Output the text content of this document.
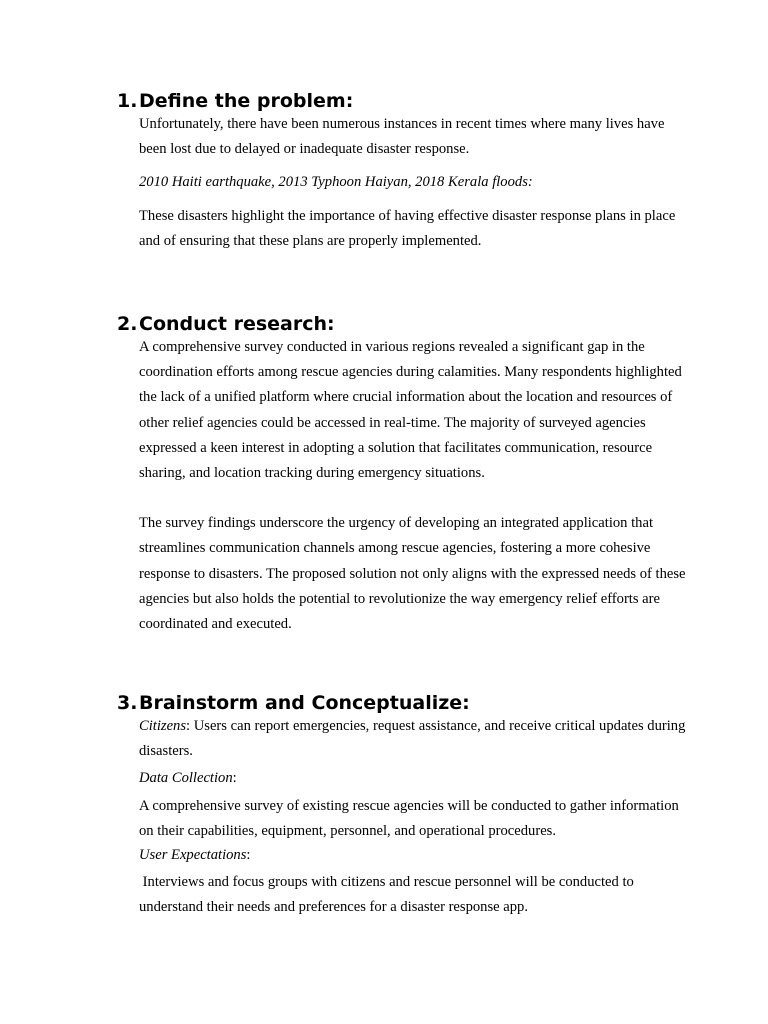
1. Define the problem:

Unfortunately, there have been numerous instances in recent times where many lives have been lost due to delayed or inadequate disaster response.

2010 Haiti earthquake, 2013 Typhoon Haiyan, 2018 Kerala floods:

These disasters highlight the importance of having effective disaster response plans in place and of ensuring that these plans are properly implemented.

2. Conduct research:

A comprehensive survey conducted in various regions revealed a significant gap in the coordination efforts among rescue agencies during calamities. Many respondents highlighted the lack of a unified platform where crucial information about the location and resources of other relief agencies could be accessed in real-time. The majority of surveyed agencies expressed a keen interest in adopting a solution that facilitates communication, resource sharing, and location tracking during emergency situations.

The survey findings underscore the urgency of developing an integrated application that streamlines communication channels among rescue agencies, fostering a more cohesive response to disasters. The proposed solution not only aligns with the expressed needs of these agencies but also holds the potential to revolutionize the way emergency relief efforts are coordinated and executed.

3. Brainstorm and Conceptualize:

Citizens: Users can report emergencies, request assistance, and receive critical updates during disasters.

Data Collection:

A comprehensive survey of existing rescue agencies will be conducted to gather information on their capabilities, equipment, personnel, and operational procedures.

User Expectations:

Interviews and focus groups with citizens and rescue personnel will be conducted to understand their needs and preferences for a disaster response app.
